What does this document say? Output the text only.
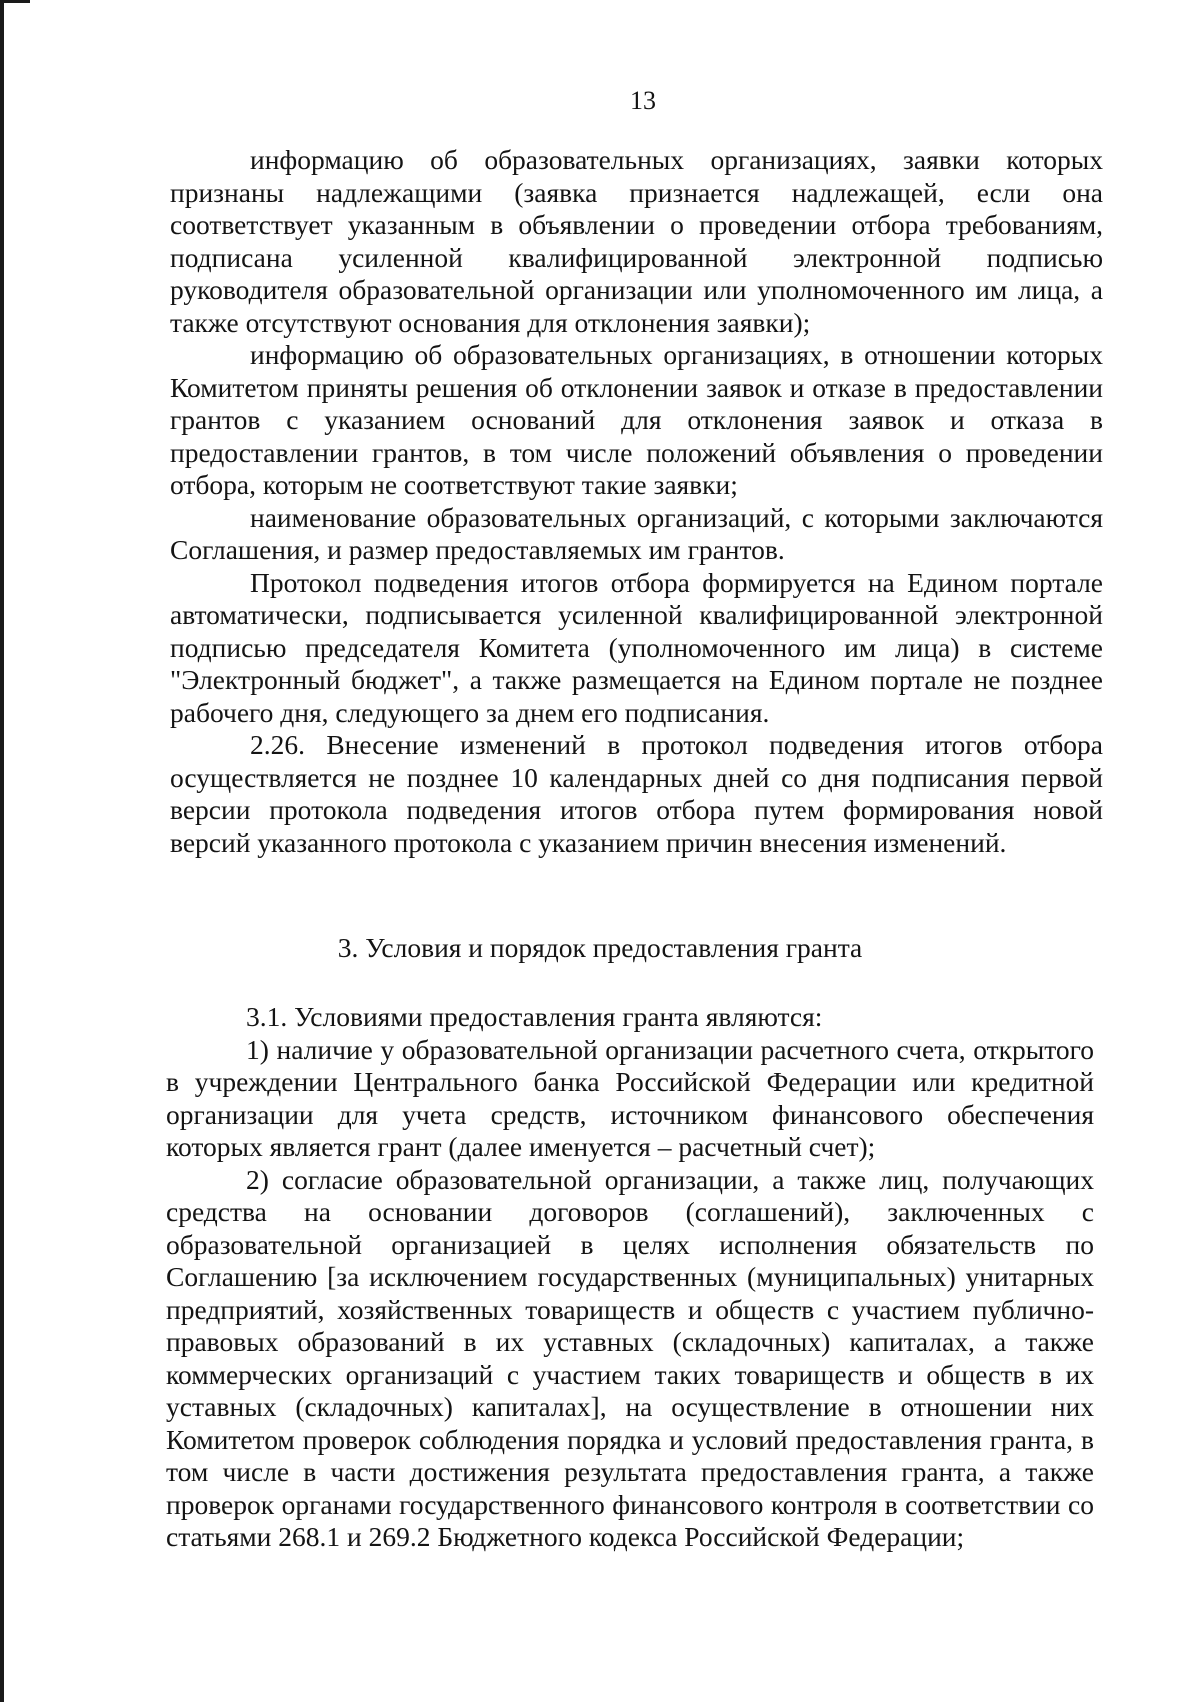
13

информацию об образовательных организациях, заявки которых признаны надлежащими (заявка признается надлежащей, если она соответствует указанным в объявлении о проведении отбора требованиям, подписана усиленной квалифицированной электронной подписью руководителя образовательной организации или уполномоченного им лица, а также отсутствуют основания для отклонения заявки);

информацию об образовательных организациях, в отношении которых Комитетом приняты решения об отклонении заявок и отказе в предоставлении грантов с указанием оснований для отклонения заявок и отказа в предоставлении грантов, в том числе положений объявления о проведении отбора, которым не соответствуют такие заявки;

наименование образовательных организаций, с которыми заключаются Соглашения, и размер предоставляемых им грантов.

Протокол подведения итогов отбора формируется на Едином портале автоматически, подписывается усиленной квалифицированной электронной подписью председателя Комитета (уполномоченного им лица) в системе "Электронный бюджет", а также размещается на Едином портале не позднее рабочего дня, следующего за днем его подписания.

2.26. Внесение изменений в протокол подведения итогов отбора осуществляется не позднее 10 календарных дней со дня подписания первой версии протокола подведения итогов отбора путем формирования новой версий указанного протокола с указанием причин внесения изменений.

3.1. Условиями предоставления гранта являются:

1) наличие у образовательной организации расчетного счета, открытого в учреждении Центрального банка Российской Федерации или кредитной организации для учета средств, источником финансового обеспечения которых является грант (далее именуется – расчетный счет);

2) согласие образовательной организации, а также лиц, получающих средства на основании договоров (соглашений), заключенных с образовательной организацией в целях исполнения обязательств по Соглашению [за исключением государственных (муниципальных) унитарных предприятий, хозяйственных товариществ и обществ с участием публично-правовых образований в их уставных (складочных) капиталах, а также коммерческих организаций с участием таких товариществ и обществ в их уставных (складочных) капиталах], на осуществление в отношении них Комитетом проверок соблюдения порядка и условий предоставления гранта, в том числе в части достижения результата предоставления гранта, а также проверок органами государственного финансового контроля в соответствии со статьями 268.1 и 269.2 Бюджетного кодекса Российской Федерации;

3. Условия и порядок предоставления гранта
